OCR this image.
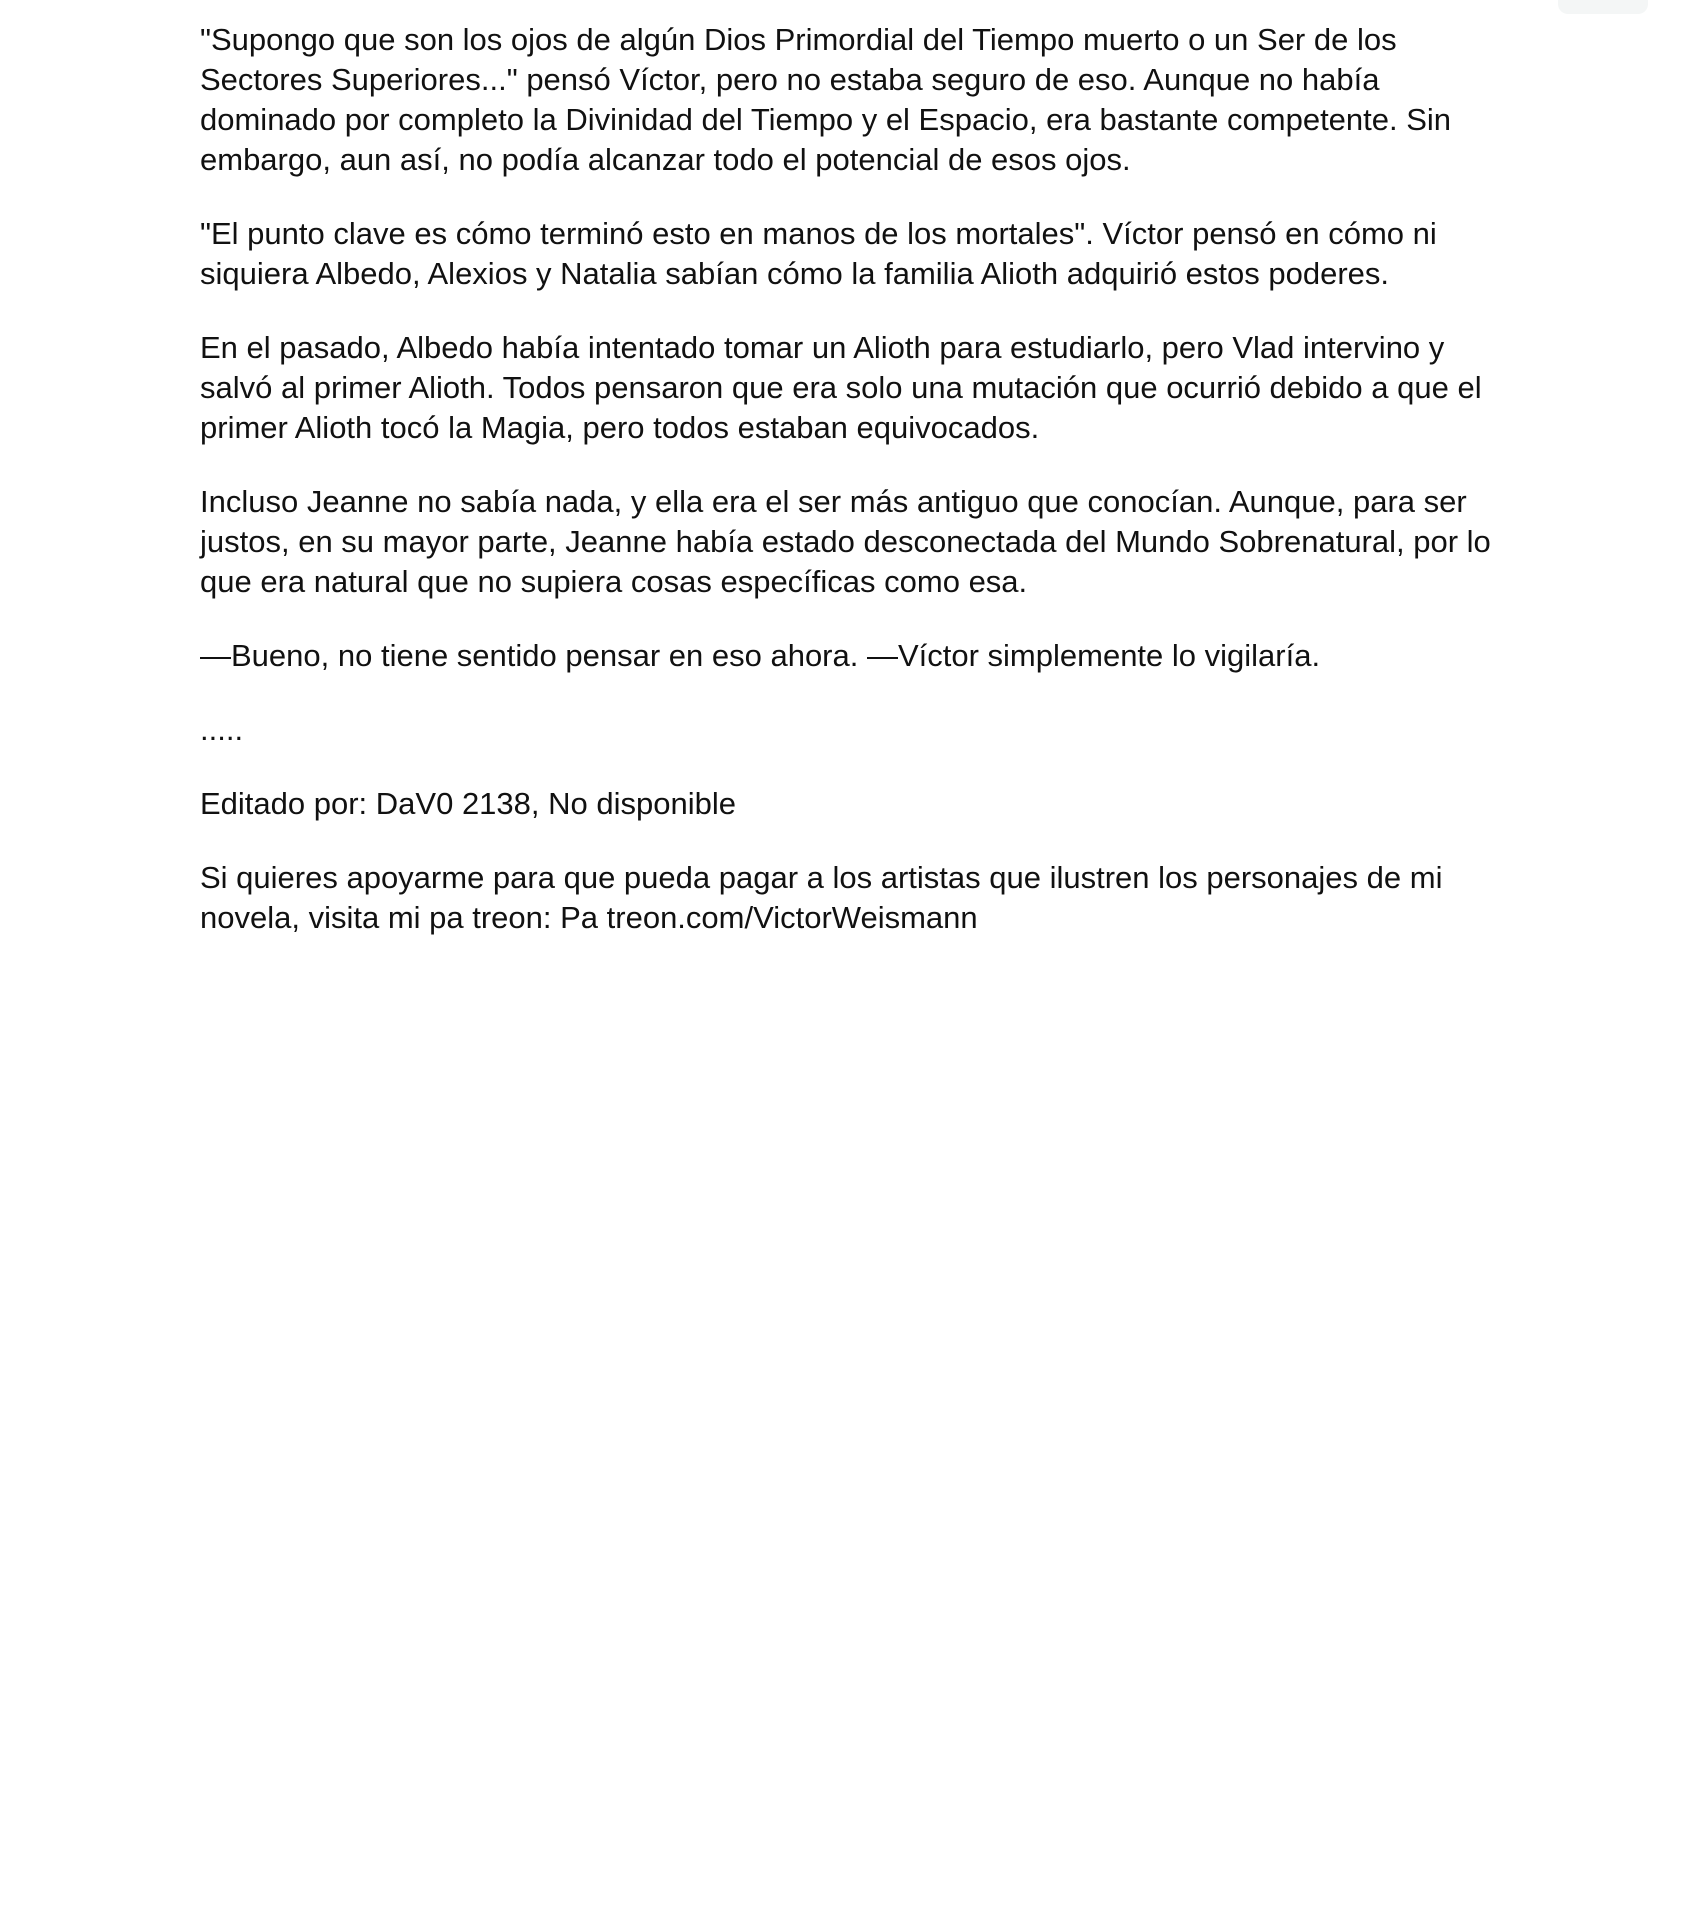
"Supongo que son los ojos de algún Dios Primordial del Tiempo muerto o un Ser de los Sectores Superiores..." pensó Víctor, pero no estaba seguro de eso. Aunque no había dominado por completo la Divinidad del Tiempo y el Espacio, era bastante competente. Sin embargo, aun así, no podía alcanzar todo el potencial de esos ojos.

"El punto clave es cómo terminó esto en manos de los mortales". Víctor pensó en cómo ni siquiera Albedo, Alexios y Natalia sabían cómo la familia Alioth adquirió estos poderes.

En el pasado, Albedo había intentado tomar un Alioth para estudiarlo, pero Vlad intervino y salvó al primer Alioth. Todos pensaron que era solo una mutación que ocurrió debido a que el primer Alioth tocó la Magia, pero todos estaban equivocados.

Incluso Jeanne no sabía nada, y ella era el ser más antiguo que conocían. Aunque, para ser justos, en su mayor parte, Jeanne había estado desconectada del Mundo Sobrenatural, por lo que era natural que no supiera cosas específicas como esa.

—Bueno, no tiene sentido pensar en eso ahora. —Víctor simplemente lo vigilaría.

.....

Editado por: DaV0 2138, No disponible

Si quieres apoyarme para que pueda pagar a los artistas que ilustren los personajes de mi novela, visita mi pa treon: Pa treon.com/VictorWeismann
